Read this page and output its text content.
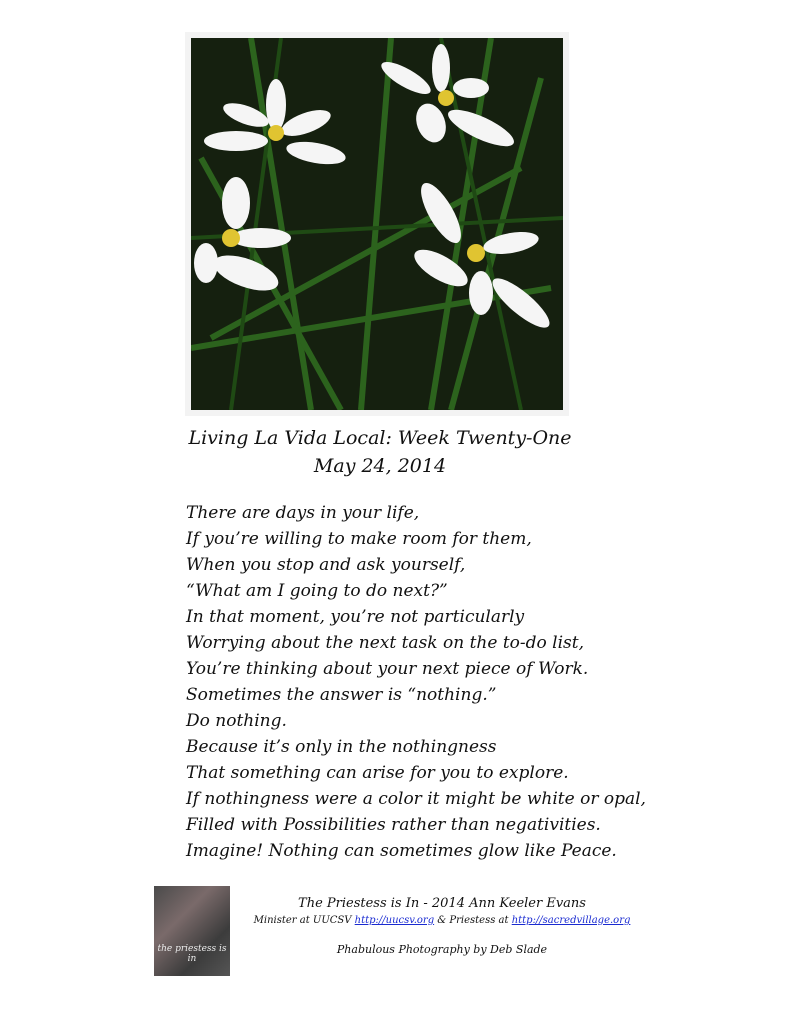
Living La Vida Local: Week Twenty-One

May 24, 2014

There are days in your life,

If you’re willing to make room for them,

When you stop and ask yourself,

“What am I going to do next?”

In that moment, you’re not particularly

Worrying about the next task on the to-do list,

You’re thinking about your next piece of Work.

Sometimes the answer is “nothing.”

Do nothing.

Because it’s only in the nothingness

That something can arise for you to explore.

If nothingness were a color it might be white or opal,

Filled with Possibilities rather than negativities.

Imagine! Nothing can sometimes glow like Peace.

the priestess is in

The Priestess is In - 2014 Ann Keeler Evans

Minister at UUCSV http://uucsv.org & Priestess at http://sacredvillage.org

Phabulous Photography by Deb Slade
